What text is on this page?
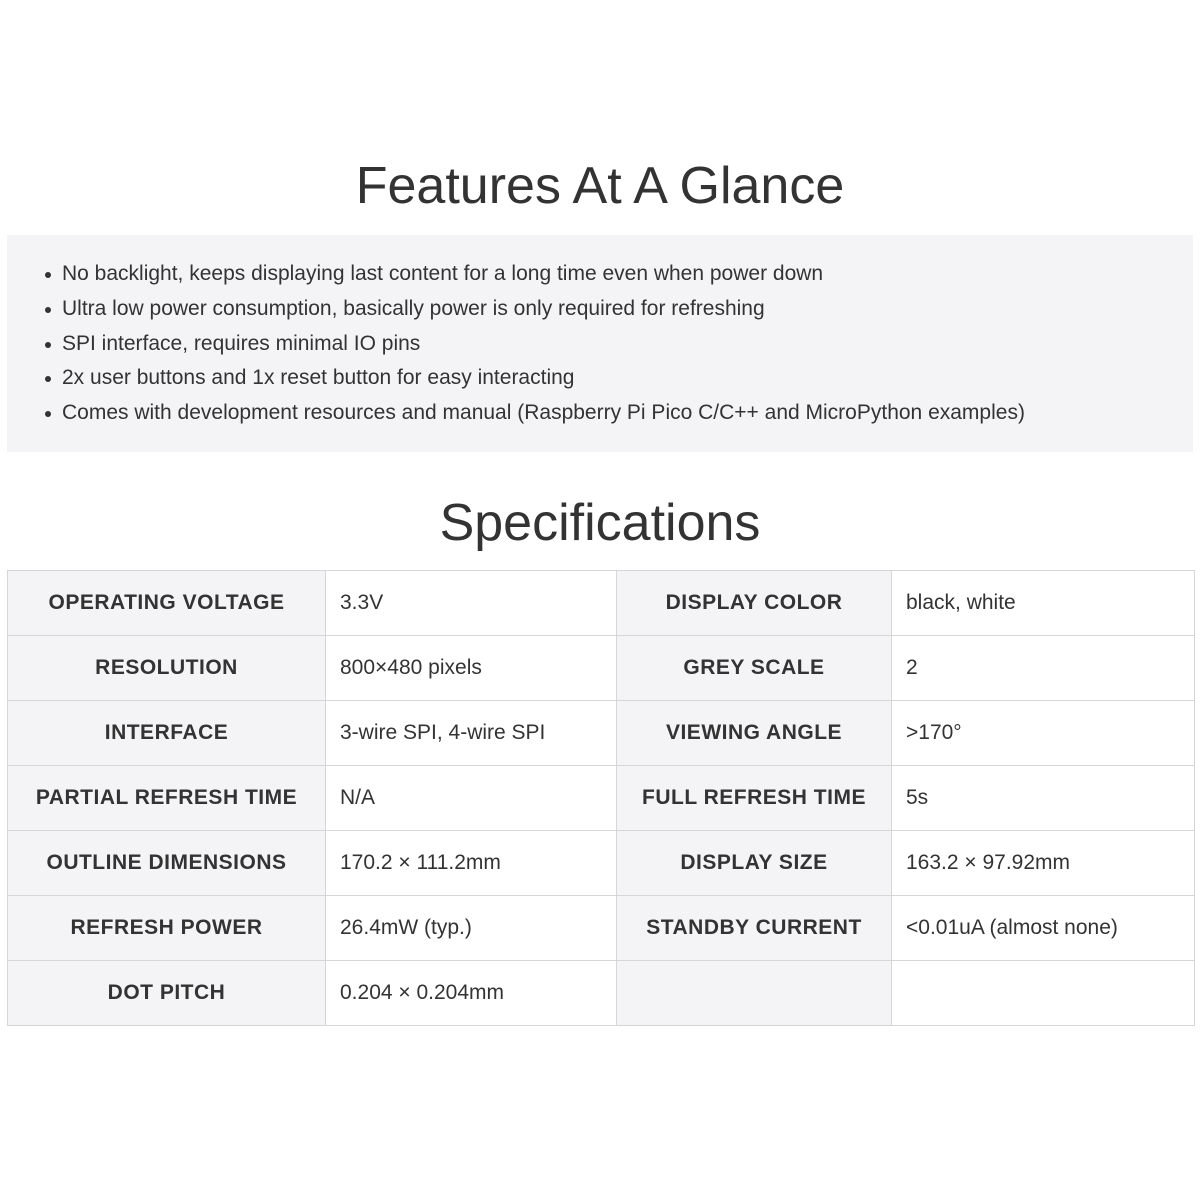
Features At A Glance
No backlight, keeps displaying last content for a long time even when power down
Ultra low power consumption, basically power is only required for refreshing
SPI interface, requires minimal IO pins
2x user buttons and 1x reset button for easy interacting
Comes with development resources and manual (Raspberry Pi Pico C/C++ and MicroPython examples)
Specifications
OPERATING VOLTAGE	3.3V	DISPLAY COLOR	black, white
RESOLUTION	800×480 pixels	GREY SCALE	2
INTERFACE	3-wire SPI, 4-wire SPI	VIEWING ANGLE	>170°
PARTIAL REFRESH TIME	N/A	FULL REFRESH TIME	5s
OUTLINE DIMENSIONS	170.2 × 111.2mm	DISPLAY SIZE	163.2 × 97.92mm
REFRESH POWER	26.4mW (typ.)	STANDBY CURRENT	<0.01uA (almost none)
DOT PITCH	0.204 × 0.204mm		
